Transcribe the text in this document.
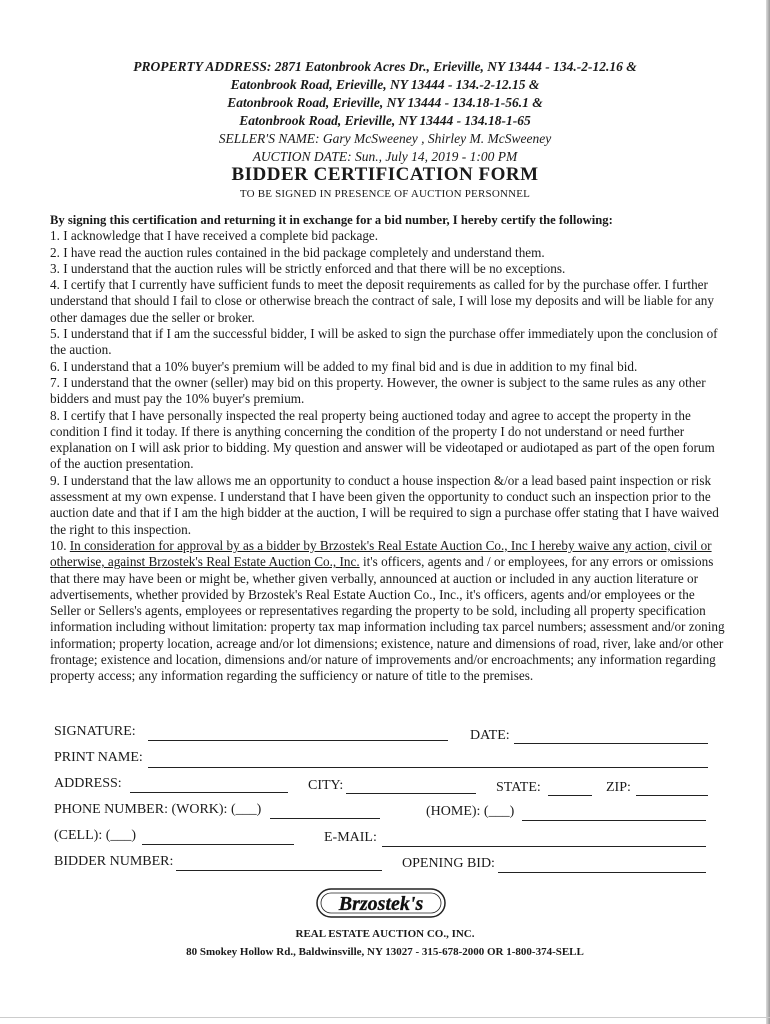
PROPERTY ADDRESS: 2871 Eatonbrook Acres Dr., Erieville, NY 13444 - 134.-2-12.16 &
Eatonbrook Road, Erieville, NY 13444 - 134.-2-12.15 &
Eatonbrook Road, Erieville, NY 13444 - 134.18-1-56.1 &
Eatonbrook Road, Erieville, NY 13444 - 134.18-1-65
SELLER'S NAME: Gary McSweeney , Shirley M. McSweeney
AUCTION DATE: Sun., July 14, 2019 - 1:00 PM
BIDDER CERTIFICATION FORM
TO BE SIGNED IN PRESENCE OF AUCTION PERSONNEL

By signing this certification and returning it in exchange for a bid number, I hereby certify the following:

1. I acknowledge that I have received a complete bid package.

2. I have read the auction rules contained in the bid package completely and understand them.

3. I understand that the auction rules will be strictly enforced and that there will be no exceptions.

4. I certify that I currently have sufficient funds to meet the deposit requirements as called for by the purchase offer. I further understand that should I fail to close or otherwise breach the contract of sale, I will lose my deposits and will be liable for any other damages due the seller or broker.

5. I understand that if I am the successful bidder, I will be asked to sign the purchase offer immediately upon the conclusion of the auction.

6. I understand that a 10% buyer's premium will be added to my final bid and is due in addition to my final bid.

7. I understand that the owner (seller) may bid on this property. However, the owner is subject to the same rules as any other bidders and must pay the 10% buyer's premium.

8. I certify that I have personally inspected the real property being auctioned today and agree to accept the property in the condition I find it today. If there is anything concerning the condition of the property I do not understand or need further explanation on I will ask prior to bidding. My question and answer will be videotaped or audiotaped as part of the open forum of the auction presentation.

9. I understand that the law allows me an opportunity to conduct a house inspection &/or a lead based paint inspection or risk assessment at my own expense. I understand that I have been given the opportunity to conduct such an inspection prior to the auction date and that if I am the high bidder at the auction, I will be required to sign a purchase offer stating that I have waived the right to this inspection.

10. In consideration for approval by as a bidder by Brzostek's Real Estate Auction Co., Inc I hereby waive any action, civil or otherwise, against Brzostek's Real Estate Auction Co., Inc. it's officers, agents and / or employees, for any errors or omissions that there may have been or might be, whether given verbally, announced at auction or included in any auction literature or advertisements, whether provided by Brzostek's Real Estate Auction Co., Inc., it's officers, agents and/or employees or the Seller or Sellers's agents, employees or representatives regarding the property to be sold, including all property specification information including without limitation: property tax map information including tax parcel numbers; assessment and/or zoning information; property location, acreage and/or lot dimensions; existence, nature and dimensions of road, river, lake and/or other frontage; existence and location, dimensions and/or nature of improvements and/or encroachments; any information regarding property access; any information regarding the sufficiency or nature of title to the premises.

SIGNATURE:	DATE:
PRINT NAME:
ADDRESS:	CITY:	STATE:	ZIP:
PHONE NUMBER: (WORK): (___)	(HOME): (___)
(CELL): (___)	E-MAIL:
BIDDER NUMBER:	OPENING BID:
Brzostek's
REAL ESTATE AUCTION CO., INC.
80 Smokey Hollow Rd., Baldwinsville, NY 13027 - 315-678-2000 OR 1-800-374-SELL
